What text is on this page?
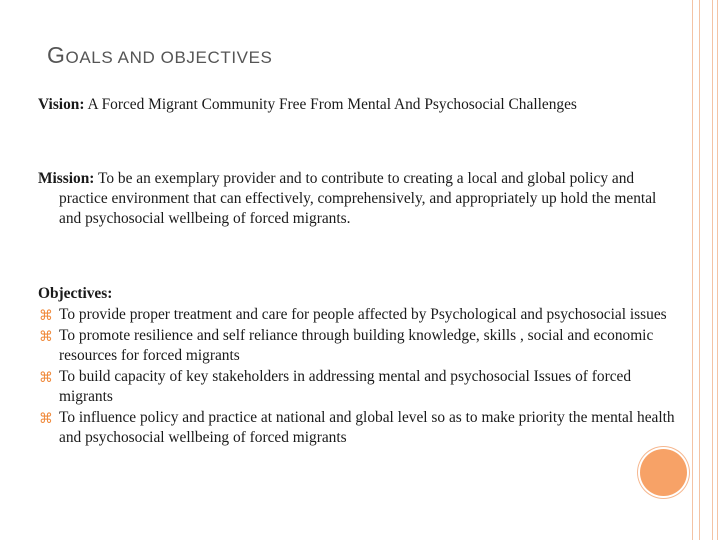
GOALS AND OBJECTIVES

Vision: A Forced Migrant Community Free From Mental And Psychosocial Challenges

Mission: To be an exemplary provider and to contribute to creating a local and global policy and practice environment that can effectively, comprehensively, and appropriately up hold the mental and psychosocial wellbeing of forced migrants.

Objectives:

⌘ To provide proper treatment and care for people affected by Psychological and psychosocial issues
⌘ To promote resilience and self reliance through building knowledge, skills , social and economic resources for forced migrants
⌘ To build capacity of key stakeholders in addressing mental and psychosocial Issues of forced migrants
⌘ To influence policy and practice at national and global level so as to make priority the mental health and psychosocial wellbeing of forced migrants
